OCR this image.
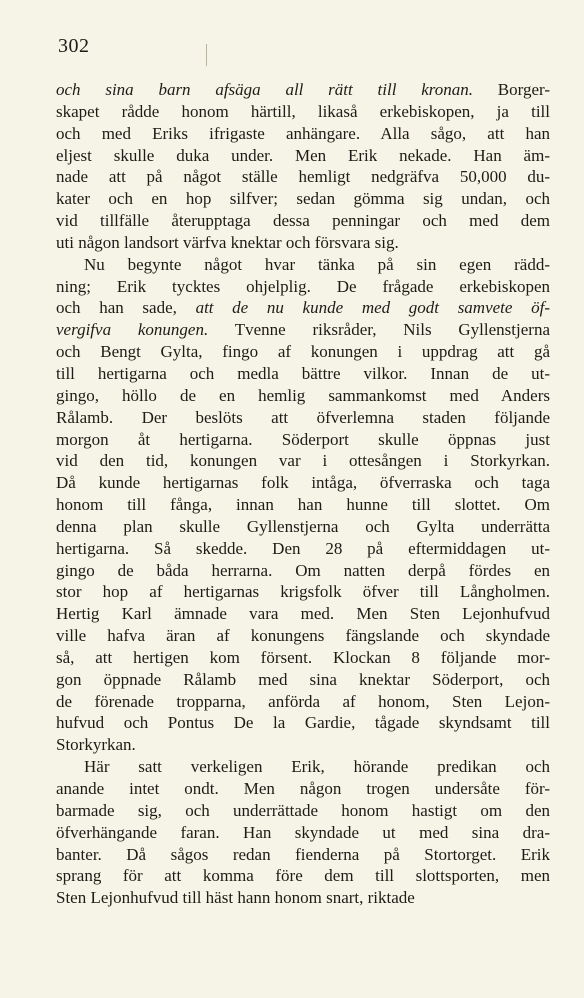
302
och sina barn afsäga all rätt till kronan. Borger-
skapet rådde honom härtill, likaså erkebiskopen, ja till
och med Eriks ifrigaste anhängare. Alla sågo, att han
eljest skulle duka under. Men Erik nekade. Han äm-
nade att på något ställe hemligt nedgräfva 50,000 du-
kater och en hop silfver; sedan gömma sig undan, och
vid tillfälle återupptaga dessa penningar och med dem
uti någon landsort värfva knektar och försvara sig.
Nu begynte något hvar tänka på sin egen rädd-
ning; Erik tycktes ohjelplig. De frågade erkebiskopen
och han sade, att de nu kunde med godt samvete öf-
vergifva konungen. Tvenne riksråder, Nils Gyllenstjerna
och Bengt Gylta, fingo af konungen i uppdrag att gå
till hertigarna och medla bättre vilkor. Innan de ut-
gingo, höllo de en hemlig sammankomst med Anders
Rålamb. Der beslöts att öfverlemna staden följande
morgon åt hertigarna. Söderport skulle öppnas just
vid den tid, konungen var i ottesången i Storkyrkan.
Då kunde hertigarnas folk intåga, öfverraska och taga
honom till fånga, innan han hunne till slottet. Om
denna plan skulle Gyllenstjerna och Gylta underrätta
hertigarna. Så skedde. Den 28 på eftermiddagen ut-
gingo de båda herrarna. Om natten derpå fördes en
stor hop af hertigarnas krigsfolk öfver till Långholmen.
Hertig Karl ämnade vara med. Men Sten Lejonhufvud
ville hafva äran af konungens fängslande och skyndade
så, att hertigen kom försent. Klockan 8 följande mor-
gon öppnade Rålamb med sina knektar Söderport, och
de förenade tropparna, anförda af honom, Sten Lejon-
hufvud och Pontus De la Gardie, tågade skyndsamt till
Storkyrkan.
Här satt verkeligen Erik, hörande predikan och
anande intet ondt. Men någon trogen undersåte för-
barmade sig, och underrättade honom hastigt om den
öfverhängande faran. Han skyndade ut med sina dra-
banter. Då sågos redan fienderna på Stortorget. Erik
sprang för att komma före dem till slottsporten, men
Sten Lejonhufvud till häst hann honom snart, riktade
